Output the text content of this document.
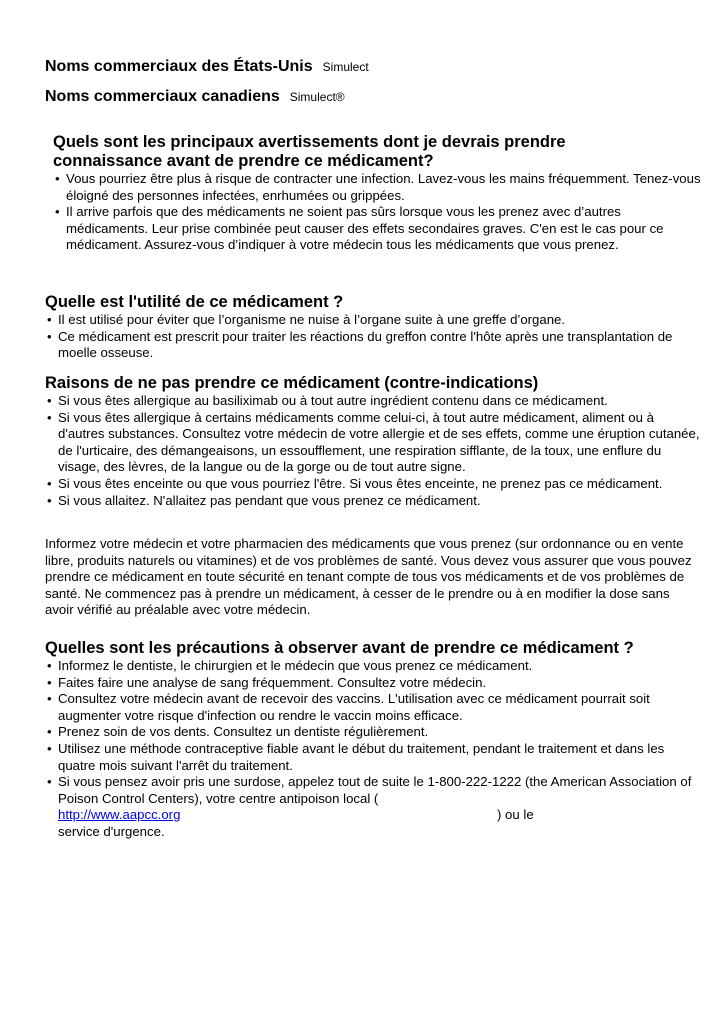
Noms commerciaux des États-Unis Simulect
Noms commerciaux canadiens Simulect®
Quels sont les principaux avertissements dont je devrais prendre
connaissance avant de prendre ce médicament?
• Vous pourriez être plus à risque de contracter une infection. Lavez-vous les mains fréquemment. Tenez-vous éloigné des personnes infectées, enrhumées ou grippées.
• Il arrive parfois que des médicaments ne soient pas sûrs lorsque vous les prenez avec d’autres médicaments. Leur prise combinée peut causer des effets secondaires graves. C'en est le cas pour ce médicament. Assurez-vous d’indiquer à votre médecin tous les médicaments que vous prenez.
Quelle est l'utilité de ce médicament ?
• Il est utilisé pour éviter que l’organisme ne nuise à l’organe suite à une greffe d’organe.
• Ce médicament est prescrit pour traiter les réactions du greffon contre l'hôte après une transplantation de moelle osseuse.
Raisons de ne pas prendre ce médicament (contre-indications)
• Si vous êtes allergique au basiliximab ou à tout autre ingrédient contenu dans ce médicament.
• Si vous êtes allergique à certains médicaments comme celui-ci, à tout autre médicament, aliment ou à d'autres substances. Consultez votre médecin de votre allergie et de ses effets, comme une éruption cutanée, de l'urticaire, des démangeaisons, un essoufflement, une respiration sifflante, de la toux, une enflure du visage, des lèvres, de la langue ou de la gorge ou de tout autre signe.
• Si vous êtes enceinte ou que vous pourriez l'être. Si vous êtes enceinte, ne prenez pas ce médicament.
• Si vous allaitez. N'allaitez pas pendant que vous prenez ce médicament.

Informez votre médecin et votre pharmacien des médicaments que vous prenez (sur ordonnance ou en vente libre, produits naturels ou vitamines) et de vos problèmes de santé. Vous devez vous assurer que vous pouvez prendre ce médicament en toute sécurité en tenant compte de tous vos médicaments et de vos problèmes de santé. Ne commencez pas à prendre un médicament, à cesser de le prendre ou à en modifier la dose sans avoir vérifié au préalable avec votre médecin.

Quelles sont les précautions à observer avant de prendre ce médicament ?
• Informez le dentiste, le chirurgien et le médecin que vous prenez ce médicament.
• Faites faire une analyse de sang fréquemment. Consultez votre médecin.
• Consultez votre médecin avant de recevoir des vaccins. L'utilisation avec ce médicament pourrait soit augmenter votre risque d'infection ou rendre le vaccin moins efficace.
• Prenez soin de vos dents. Consultez un dentiste régulièrement.
• Utilisez une méthode contraceptive fiable avant le début du traitement, pendant le traitement et dans les quatre mois suivant l'arrêt du traitement.
• Si vous pensez avoir pris une surdose, appelez tout de suite le 1-800-222-1222 (the American Association of Poison Control Centers), votre centre antipoison local (
http://www.aapcc.org	) ou le
service d'urgence.
